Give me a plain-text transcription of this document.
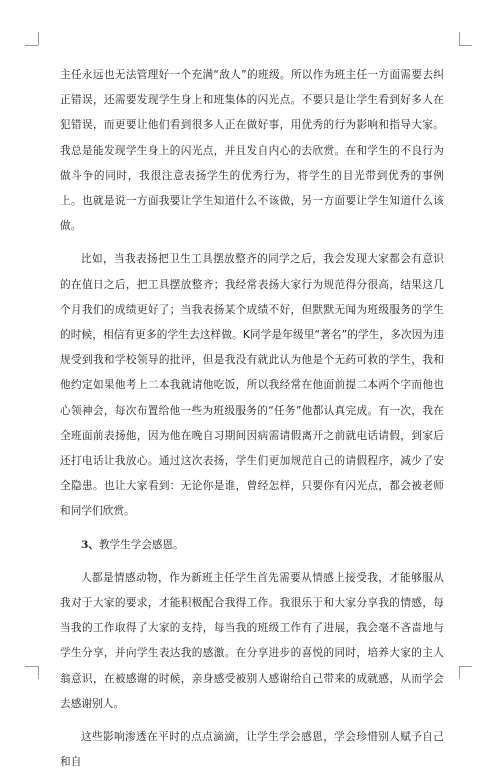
主任永远也无法管理好一个充满“敌人”的班级。所以作为班主任一方面需要去纠正错误，还需要发现学生身上和班集体的闪光点。不要只是让学生看到好多人在犯错误，而更要让他们看到很多人正在做好事，用优秀的行为影响和指导大家。我总是能发现学生身上的闪光点，并且发自内心的去欣赏。在和学生的不良行为做斗争的同时，我很注意表扬学生的优秀行为，将学生的目光带到优秀的事例上。也就是说一方面我要让学生知道什么不该做，另一方面要让学生知道什么该做。

比如，当我表扬把卫生工具摆放整齐的同学之后，我会发现大家都会有意识的在值日之后，把工具摆放整齐；我经常表扬大家行为规范得分很高，结果这几个月我们的成绩更好了；当我表扬某个成绩不好，但默默无闻为班级服务的学生的时候，相信有更多的学生去这样做。K同学是年级里“著名”的学生，多次因为违规受到我和学校领导的批评，但是我没有就此认为他是个无药可救的学生，我和他约定如果他考上二本我就请他吃饭，所以我经常在他面前提二本两个字而他也心领神会，每次布置给他一些为班级服务的“任务”他都认真完成。有一次，我在全班面前表扬他，因为他在晚自习期间因病需请假离开之前就电话请假，到家后还打电话让我放心。通过这次表扬，学生们更加规范自己的请假程序，减少了安全隐患。也让大家看到：无论你是谁，曾经怎样，只要你有闪光点，都会被老师和同学们欣赏。

3、教学生学会感恩。

人都是情感动物，作为新班主任学生首先需要从情感上接受我，才能够服从我对于大家的要求，才能积极配合我得工作。我很乐于和大家分享我的情感，每当我的工作取得了大家的支持，每当我的班级工作有了进展，我会毫不吝啬地与学生分享，并向学生表达我的感激。在分享进步的喜悦的同时，培养大家的主人翁意识，在被感谢的时候，亲身感受被别人感谢给自己带来的成就感，从而学会去感谢别人。

这些影响渗透在平时的点点滴滴，让学生学会感恩，学会珍惜别人赋予自己和自
